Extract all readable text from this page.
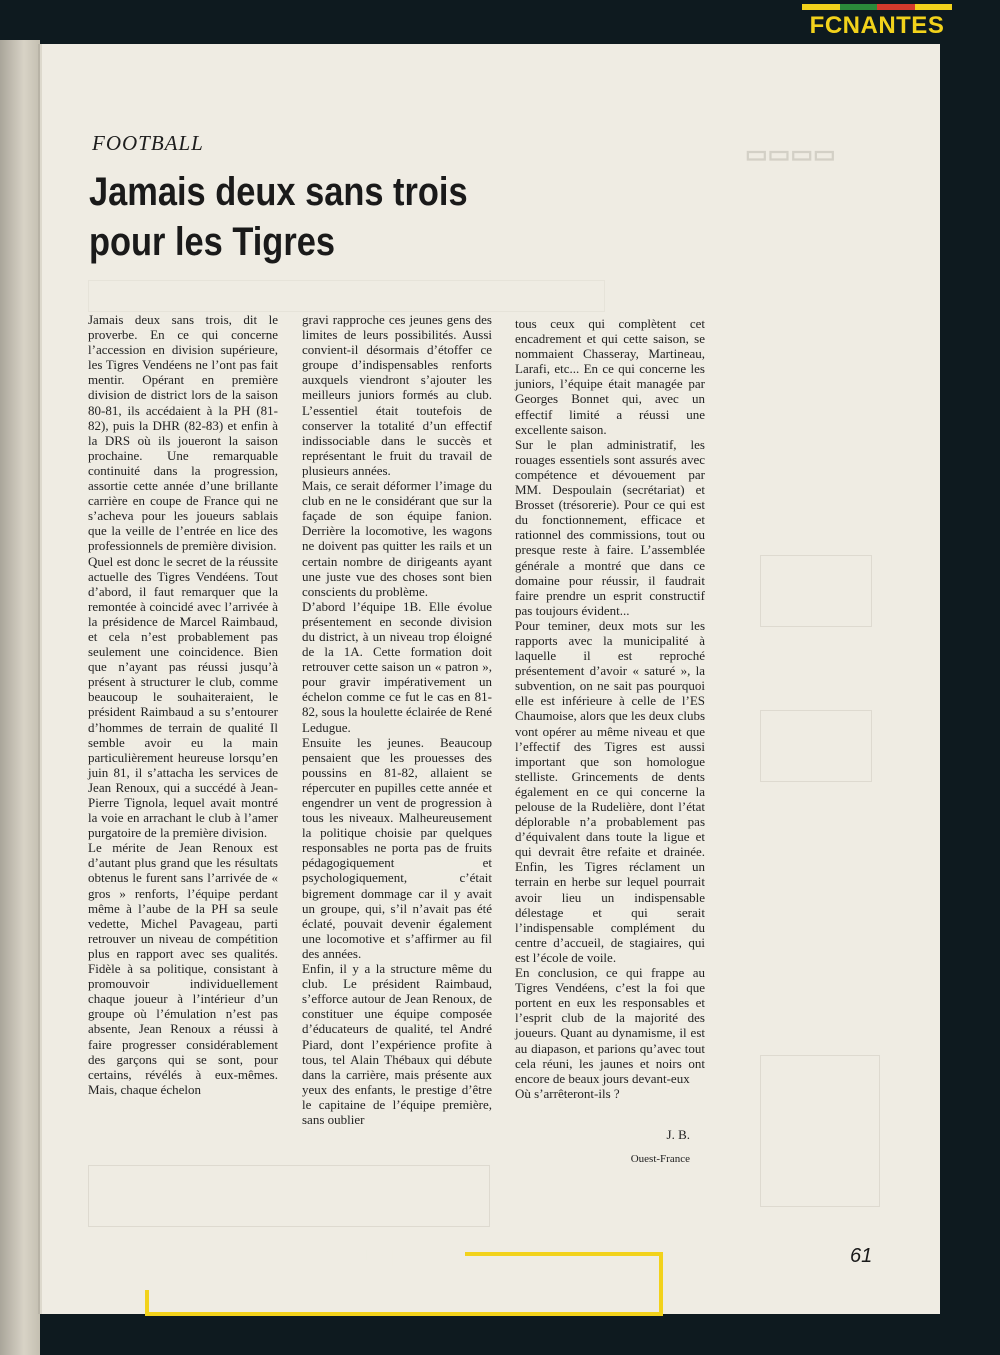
FCNANTES
▭▭▭▭
FOOTBALL
Jamais deux sans trois
pour les Tigres

Jamais deux sans trois, dit le proverbe. En ce qui concerne l’accession en division supérieure, les Tigres Vendéens ne l’ont pas fait mentir. Opérant en première division de district lors de la saison 80-81, ils accédaient à la PH (81-82), puis la DHR (82-83) et enfin à la DRS où ils joueront la saison prochaine. Une remarquable continuité dans la progression, assortie cette année d’une brillante carrière en coupe de France qui ne s’acheva pour les joueurs sablais que la veille de l’entrée en lice des professionnels de première division.

Quel est donc le secret de la réussite actuelle des Tigres Vendéens. Tout d’abord, il faut remarquer que la remontée à coincidé avec l’arrivée à la présidence de Marcel Raimbaud, et cela n’est probablement pas seulement une coincidence. Bien que n’ayant pas réussi jusqu’à présent à structurer le club, comme beaucoup le souhaiteraient, le président Raimbaud a su s’entourer d’hommes de terrain de qualité Il semble avoir eu la main particulièrement heureuse lorsqu’en juin 81, il s’attacha les services de Jean Renoux, qui a succédé à Jean-Pierre Tignola, lequel avait montré la voie en arrachant le club à l’amer purgatoire de la première division.

Le mérite de Jean Renoux est d’autant plus grand que les résultats obtenus le furent sans l’arrivée de « gros » renforts, l’équipe perdant même à l’aube de la PH sa seule vedette, Michel Pavageau, parti retrouver un niveau de compétition plus en rapport avec ses qualités. Fidèle à sa politique, consistant à promouvoir individuellement chaque joueur à l’intérieur d’un groupe où l’émulation n’est pas absente, Jean Renoux a réussi à faire progresser considérablement des garçons qui se sont, pour certains, révélés à eux-mêmes. Mais, chaque échelon

gravi rapproche ces jeunes gens des limites de leurs possibilités. Aussi convient-il désormais d’étoffer ce groupe d’indispensables renforts auxquels viendront s’ajouter les meilleurs juniors formés au club. L’essentiel était toutefois de conserver la totalité d’un effectif indissociable dans le succès et représentant le fruit du travail de plusieurs années.

Mais, ce serait déformer l’image du club en ne le considérant que sur la façade de son équipe fanion. Derrière la locomotive, les wagons ne doivent pas quitter les rails et un certain nombre de dirigeants ayant une juste vue des choses sont bien conscients du problème.

D’abord l’équipe 1B. Elle évolue présentement en seconde division du district, à un niveau trop éloigné de la 1A. Cette formation doit retrouver cette saison un « patron », pour gravir impérativement un échelon comme ce fut le cas en 81-82, sous la houlette éclairée de René Ledugue.

Ensuite les jeunes. Beaucoup pensaient que les prouesses des poussins en 81-82, allaient se répercuter en pupilles cette année et engendrer un vent de progression à tous les niveaux. Malheureusement la politique choisie par quelques responsables ne porta pas de fruits pédagogiquement et psychologiquement, c’était bigrement dommage car il y avait un groupe, qui, s’il n’avait pas été éclaté, pouvait devenir également une locomotive et s’affirmer au fil des années.

Enfin, il y a la structure même du club. Le président Raimbaud, s’efforce autour de Jean Renoux, de constituer une équipe composée d’éducateurs de qualité, tel André Piard, dont l’expérience profite à tous, tel Alain Thébaux qui débute dans la carrière, mais présente aux yeux des enfants, le prestige d’être le capitaine de l’équipe première, sans oublier

tous ceux qui complètent cet encadrement et qui cette saison, se nommaient Chasseray, Martineau, Larafi, etc... En ce qui concerne les juniors, l’équipe était managée par Georges Bonnet qui, avec un effectif limité a réussi une excellente saison.

Sur le plan administratif, les rouages essentiels sont assurés avec compétence et dévouement par MM. Despoulain (secrétariat) et Brosset (trésorerie). Pour ce qui est du fonctionnement, efficace et rationnel des commissions, tout ou presque reste à faire. L’assemblée générale a montré que dans ce domaine pour réussir, il faudrait faire prendre un esprit constructif pas toujours évident...

Pour teminer, deux mots sur les rapports avec la municipalité à laquelle il est reproché présentement d’avoir « saturé », la subvention, on ne sait pas pourquoi elle est inférieure à celle de l’ES Chaumoise, alors que les deux clubs vont opérer au même niveau et que l’effectif des Tigres est aussi important que son homologue stelliste. Grincements de dents également en ce qui concerne la pelouse de la Rudelière, dont l’état déplorable n’a probablement pas d’équivalent dans toute la ligue et qui devrait être refaite et drainée. Enfin, les Tigres réclament un terrain en herbe sur lequel pourrait avoir lieu un indispensable délestage et qui serait l’indispensable complément du centre d’accueil, de stagiaires, qui est l’école de voile.

En conclusion, ce qui frappe au Tigres Vendéens, c’est la foi que portent en eux les responsables et l’esprit club de la majorité des joueurs. Quant au dynamisme, il est au diapason, et parions qu’avec tout cela réuni, les jaunes et noirs ont encore de beaux jours devant-eux

Où s’arrêteront-ils ?

J. B.
Ouest-France
61
MUSÉE DES CANARIS
